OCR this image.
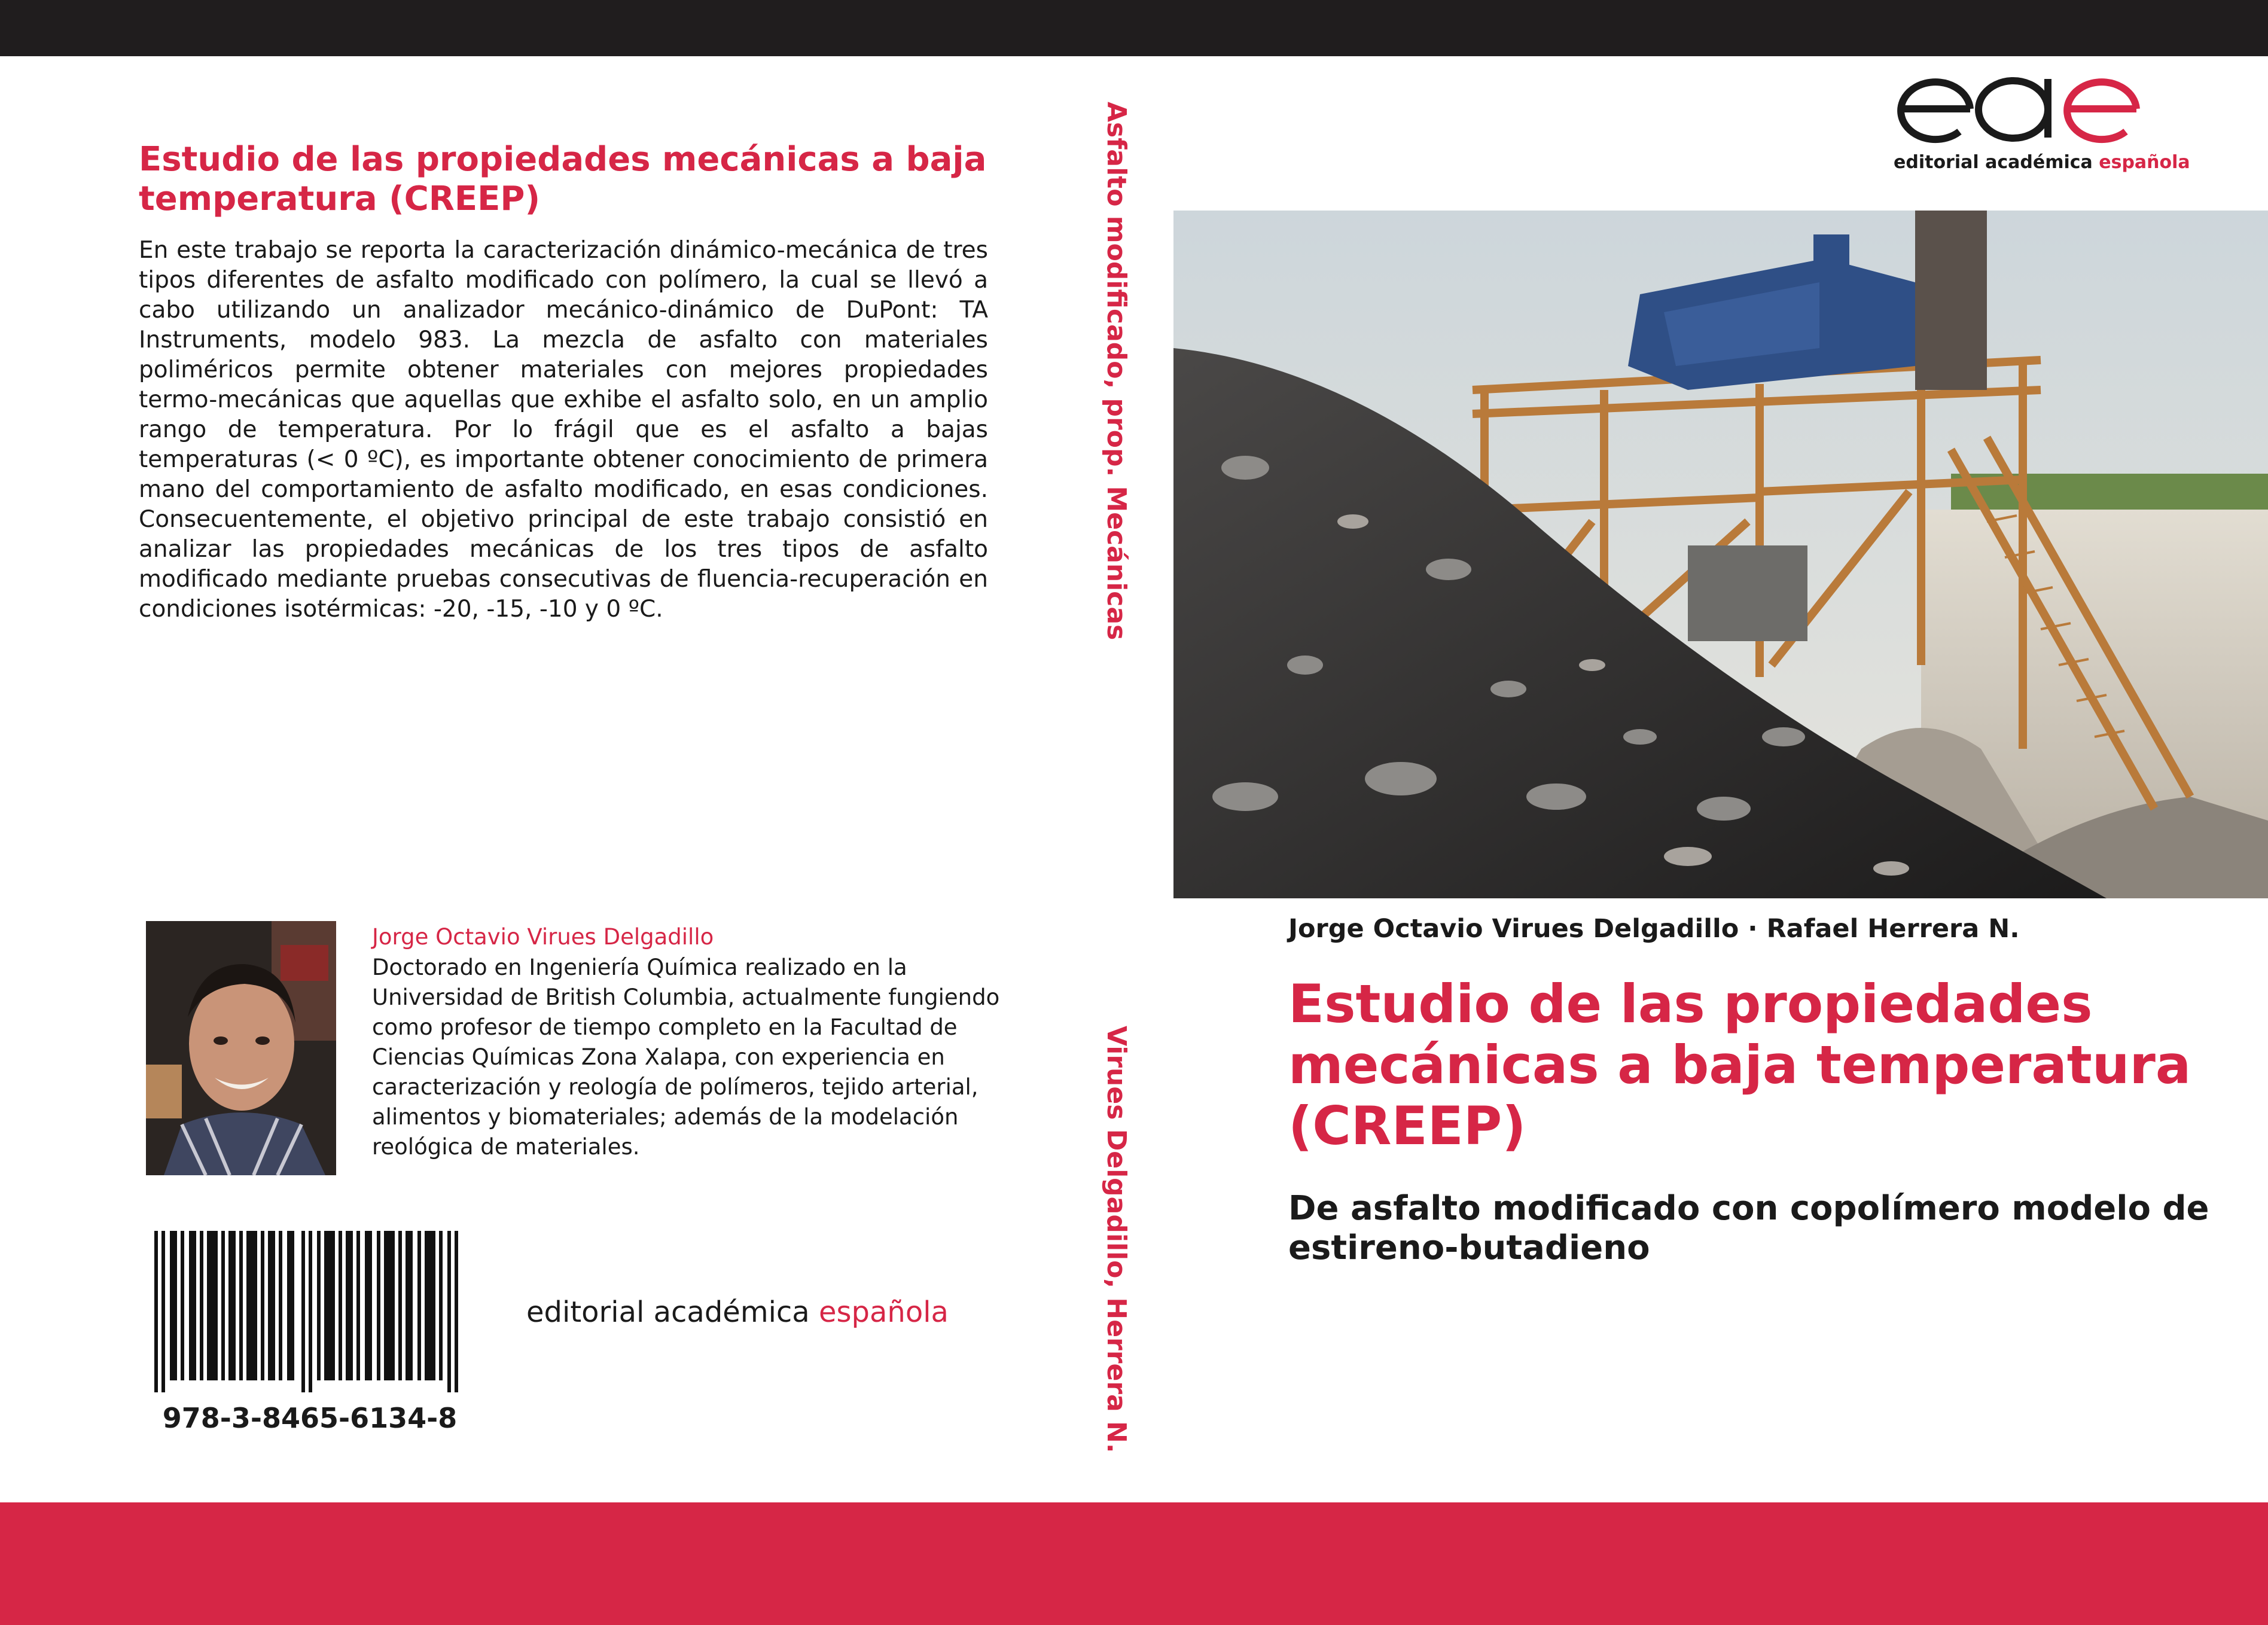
Estudio de las propiedades mecánicas a baja temperatura (CREEP)
En este trabajo se reporta la caracterización dinámico-mecánica de tres tipos diferentes de asfalto modificado con polímero, la cual se llevó a cabo utilizando un analizador mecánico-dinámico de DuPont: TA Instruments, modelo 983. La mezcla de asfalto con materiales poliméricos permite obtener materiales con mejores propiedades termo-mecánicas que aquellas que exhibe el asfalto solo, en un amplio rango de temperatura. Por lo frágil que es el asfalto a bajas temperaturas (< 0 ºC), es importante obtener conocimiento de primera mano del comportamiento de asfalto modificado, en esas condiciones. Consecuentemente, el objetivo principal de este trabajo consistió en analizar las propiedades mecánicas de los tres tipos de asfalto modificado mediante pruebas consecutivas de fluencia-recuperación en condiciones isotérmicas: -20, -15, -10 y 0 ºC.
Jorge Octavio Virues Delgadillo
Doctorado en Ingeniería Química realizado en la Universidad de British Columbia, actualmente fungiendo como profesor de tiempo completo en la Facultad de Ciencias Químicas Zona Xalapa, con experiencia en caracterización y reología de polímeros, tejido arterial, alimentos y biomateriales; además de la modelación reológica de materiales.
978-3-8465-6134-8
editorial académica española
Asfalto modificado, prop. Mecánicas
Virues Delgadillo, Herrera N.
eae
editorial académica española
Jorge Octavio Virues Delgadillo · Rafael Herrera N.
Estudio de las propiedades mecánicas a baja temperatura (CREEP)
De asfalto modificado con copolímero modelo de estireno-butadieno
